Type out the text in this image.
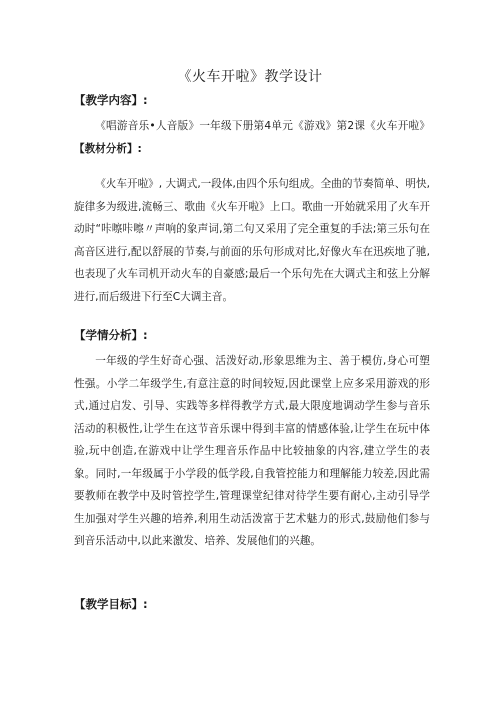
《火车开啦》教学设计
【教学内容】:

《唱游音乐•人音版》一年级下册第4单元《游戏》第2课《火车开啦》【教材分析】:

《火车开啦》, 大调式,一段体,由四个乐句组成。全曲的节奏简单、明快,旋律多为级进,流畅三、歌曲《火车开啦》上口。歌曲一开始就采用了火车开动时“咔嚓咔嚓〃声响的象声词,第二句又采用了完全重复的手法;第三乐句在高音区进行,配以舒展的节奏,与前面的乐句形成对比,好像火车在迅疾地了驰,也表现了火车司机开动火车的自豪感;最后一个乐句先在大调式主和弦上分解进行,而后级进下行至C大调主音。

【学情分析】:

一年级的学生好奇心强、活泼好动,形象思维为主、善于模仿,身心可塑性强。小学二年级学生,有意注意的时间较短,因此课堂上应多采用游戏的形式,通过启发、引导、实践等多样得教学方式,最大限度地调动学生参与音乐活动的积极性,让学生在这节音乐课中得到丰富的情感体验,让学生在玩中体验,玩中创造,在游戏中让学生理音乐作品中比较抽象的内容,建立学生的表象。同时,一年级属于小学段的低学段,自我管控能力和理解能力较差,因此需要教师在教学中及时管控学生,管理课堂纪律对待学生要有耐心,主动引导学生加强对学生兴趣的培养,利用生动活泼富于艺术魅力的形式,鼓励他们参与到音乐活动中,以此来激发、培养、发展他们的兴趣。

【教学目标】:
